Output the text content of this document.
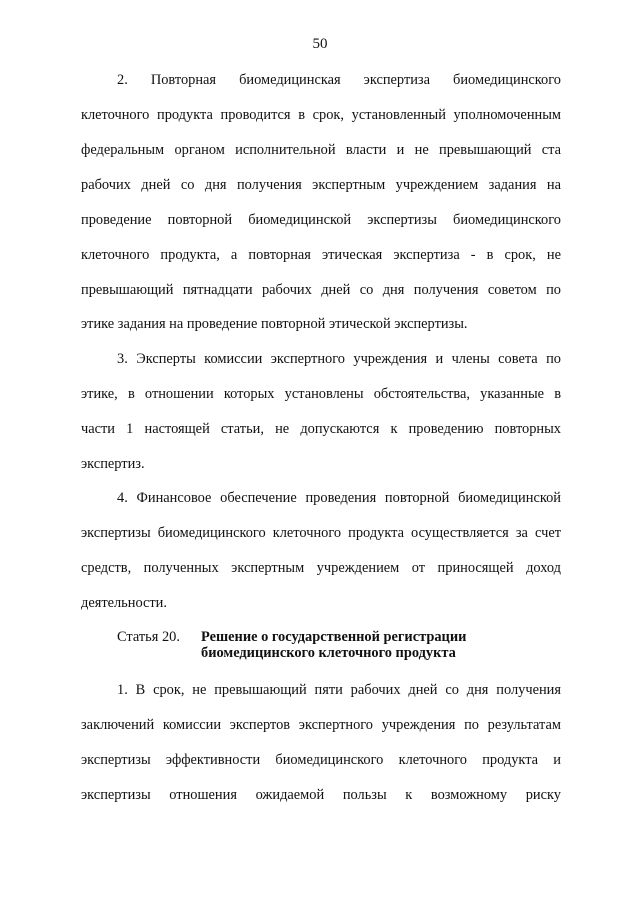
50
2. Повторная биомедицинская экспертиза биомедицинского
клеточного продукта проводится в срок, установленный уполномоченным
федеральным органом исполнительной власти и не превышающий ста
рабочих дней со дня получения экспертным учреждением задания на
проведение повторной биомедицинской экспертизы биомедицинского
клеточного продукта, а повторная этическая экспертиза - в срок, не
превышающий пятнадцати рабочих дней со дня получения советом по
этике задания на проведение повторной этической экспертизы.
3. Эксперты комиссии экспертного учреждения и члены совета по
этике, в отношении которых установлены обстоятельства, указанные в
части 1 настоящей статьи, не допускаются к проведению повторных
экспертиз.
4. Финансовое обеспечение проведения повторной биомедицинской
экспертизы биомедицинского клеточного продукта осуществляется за счет
средств, полученных экспертным учреждением от приносящей доход
деятельности.
Статья 20. Решение о государственной регистрации
биомедицинского клеточного продукта
1. В срок, не превышающий пяти рабочих дней со дня получения
заключений комиссии экспертов экспертного учреждения по результатам
экспертизы эффективности биомедицинского клеточного продукта и
экспертизы отношения ожидаемой пользы к возможному риску
